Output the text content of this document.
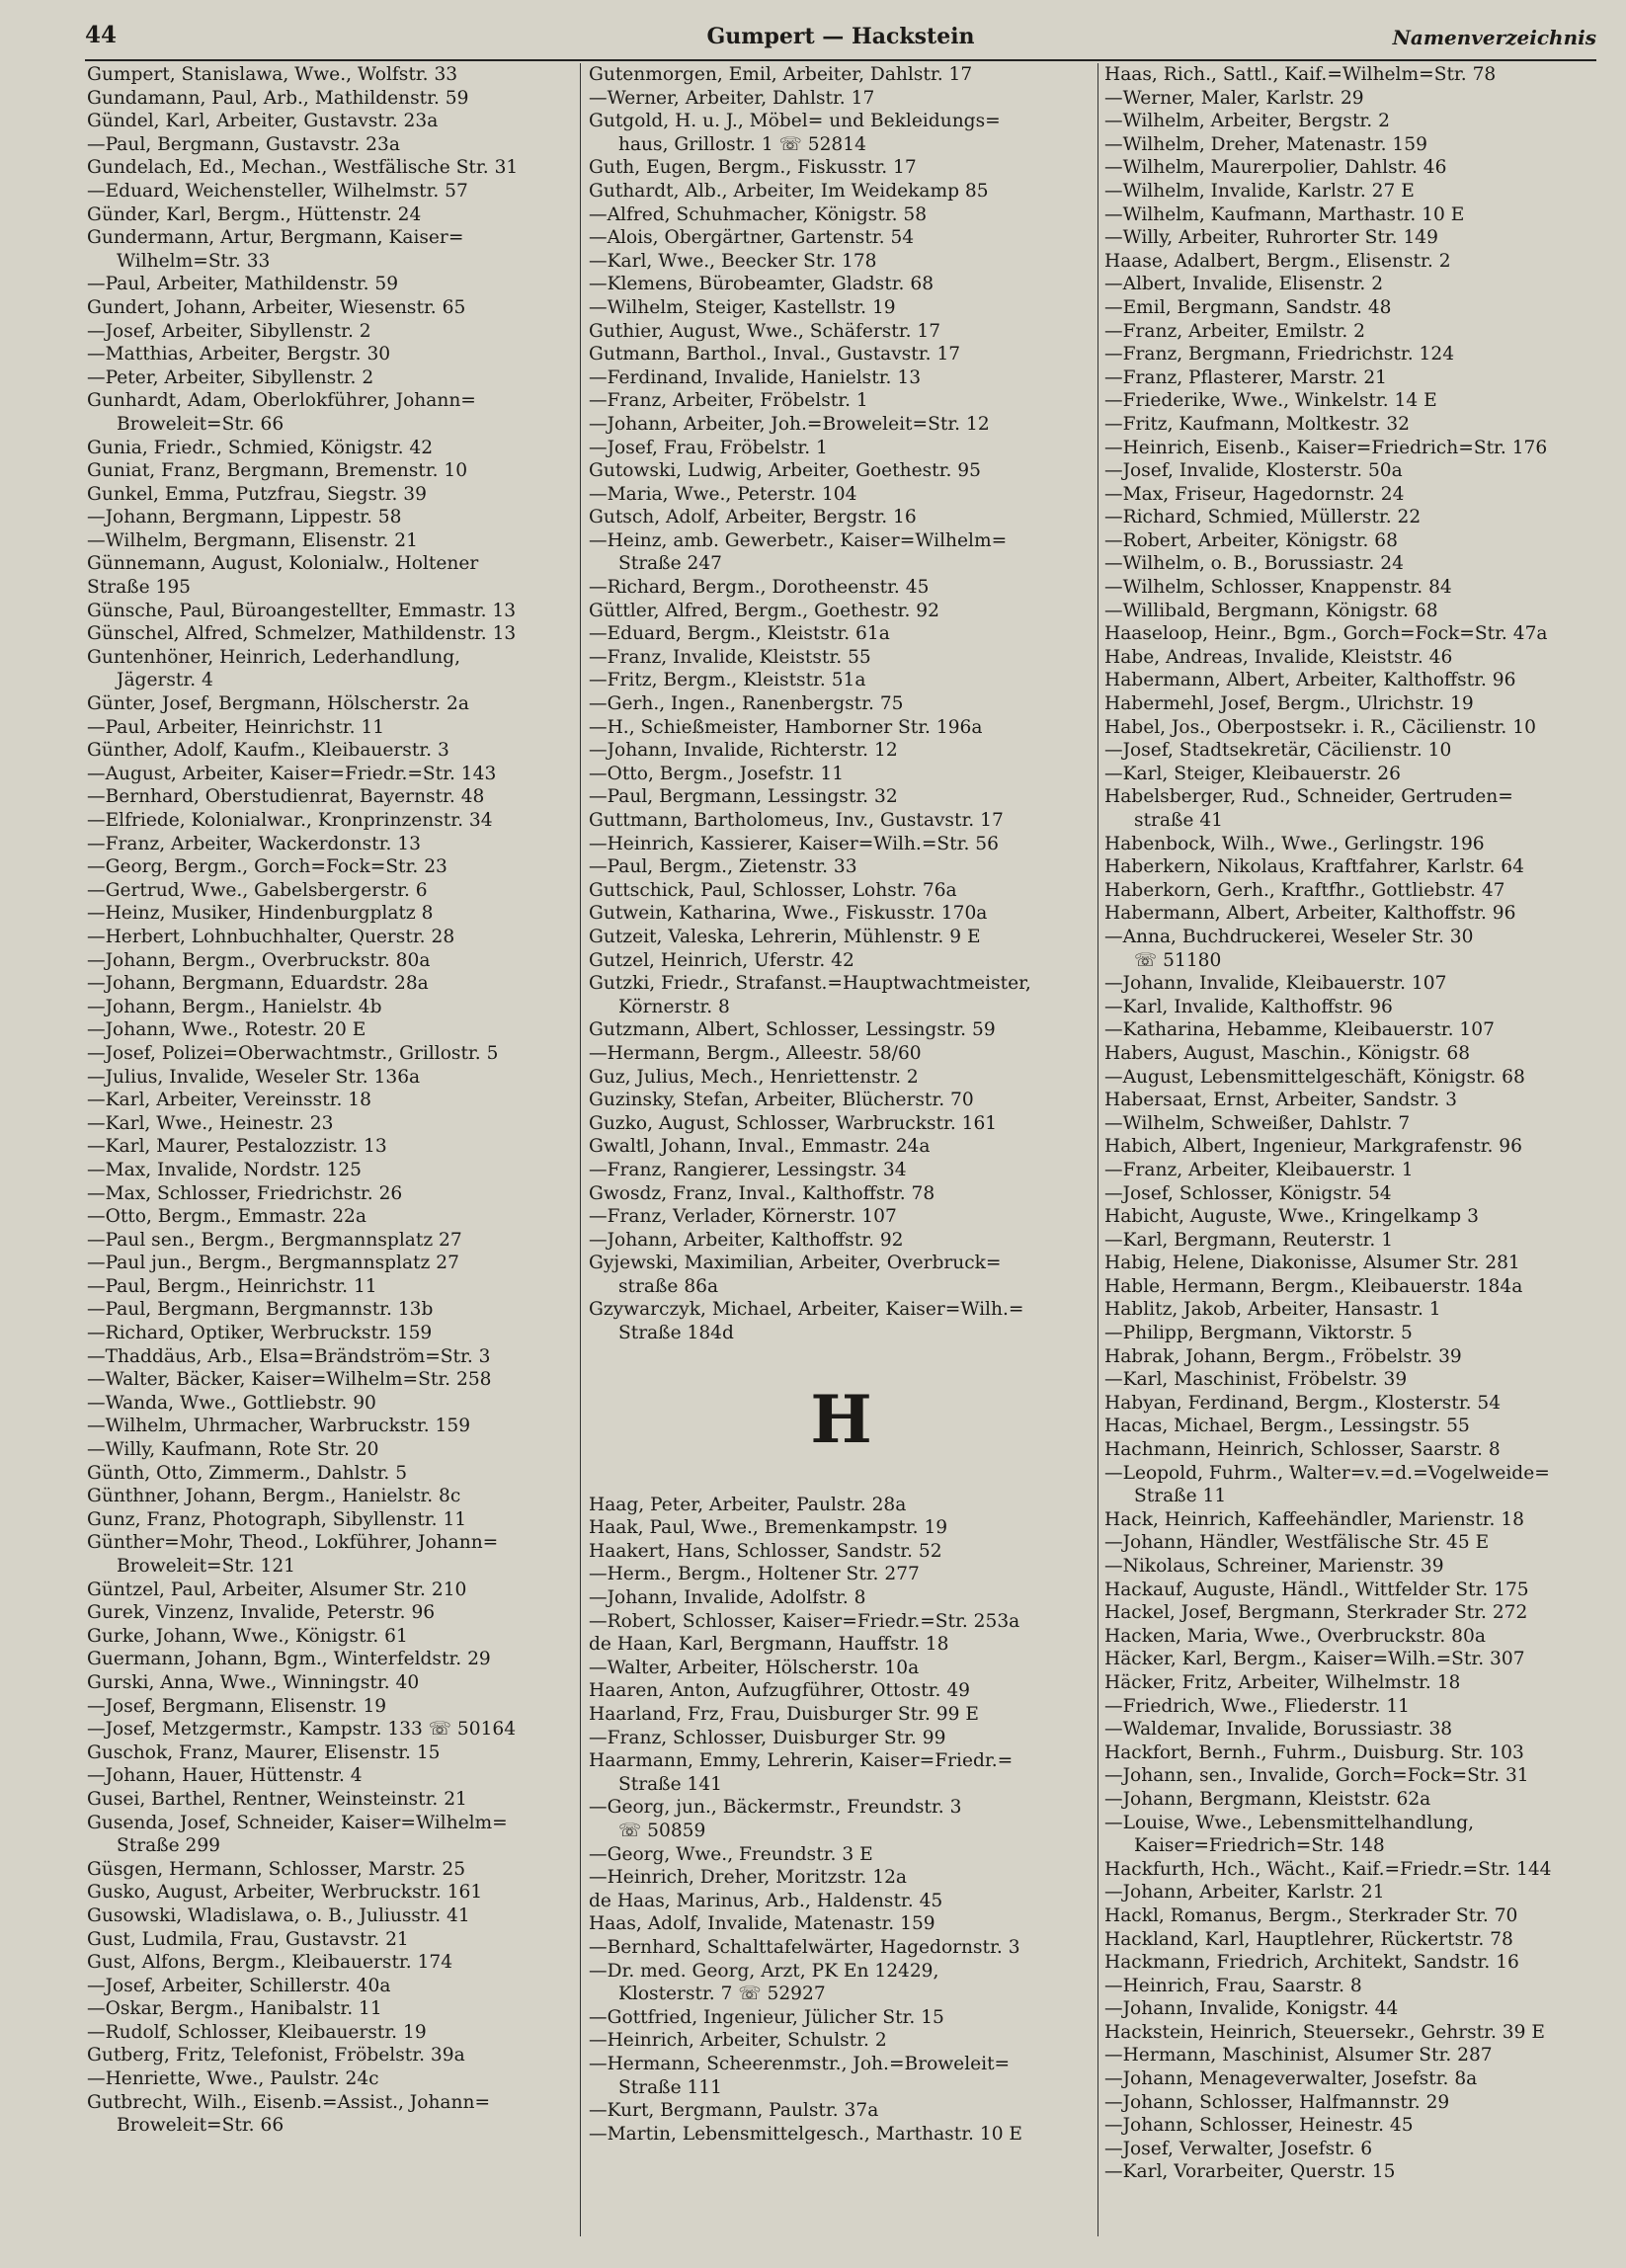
44	Gumpert — Hackstein	Namenverzeichnis
Gumpert, Stanislawa, Wwe., Wolfstr. 33
Gundamann, Paul, Arb., Mathildenstr. 59
Gündel, Karl, Arbeiter, Gustavstr. 23a
—Paul, Bergmann, Gustavstr. 23a
Gundelach, Ed., Mechan., Westfälische Str. 31
—Eduard, Weichensteller, Wilhelmstr. 57
Günder, Karl, Bergm., Hüttenstr. 24
Gundermann, Artur, Bergmann, Kaiser=
Wilhelm=Str. 33
—Paul, Arbeiter, Mathildenstr. 59
Gundert, Johann, Arbeiter, Wiesenstr. 65
—Josef, Arbeiter, Sibyllenstr. 2
—Matthias, Arbeiter, Bergstr. 30
—Peter, Arbeiter, Sibyllenstr. 2
Gunhardt, Adam, Oberlokführer, Johann=
Broweleit=Str. 66
Gunia, Friedr., Schmied, Königstr. 42
Guniat, Franz, Bergmann, Bremenstr. 10
Gunkel, Emma, Putzfrau, Siegstr. 39
—Johann, Bergmann, Lippestr. 58
—Wilhelm, Bergmann, Elisenstr. 21
Günnemann, August, Kolonialw., Holtener
Straße 195
Günsche, Paul, Büroangestellter, Emmastr. 13
Günschel, Alfred, Schmelzer, Mathildenstr. 13
Guntenhöner, Heinrich, Lederhandlung,
Jägerstr. 4
Günter, Josef, Bergmann, Hölscherstr. 2a
—Paul, Arbeiter, Heinrichstr. 11
Günther, Adolf, Kaufm., Kleibauerstr. 3
—August, Arbeiter, Kaiser=Friedr.=Str. 143
—Bernhard, Oberstudienrat, Bayernstr. 48
—Elfriede, Kolonialwar., Kronprinzenstr. 34
—Franz, Arbeiter, Wackerdonstr. 13
—Georg, Bergm., Gorch=Fock=Str. 23
—Gertrud, Wwe., Gabelsbergerstr. 6
—Heinz, Musiker, Hindenburgplatz 8
—Herbert, Lohnbuchhalter, Querstr. 28
—Johann, Bergm., Overbruckstr. 80a
—Johann, Bergmann, Eduardstr. 28a
—Johann, Bergm., Hanielstr. 4b
—Johann, Wwe., Rotestr. 20 E
—Josef, Polizei=Oberwachtmstr., Grillostr. 5
—Julius, Invalide, Weseler Str. 136a
—Karl, Arbeiter, Vereinsstr. 18
—Karl, Wwe., Heinestr. 23
—Karl, Maurer, Pestalozzistr. 13
—Max, Invalide, Nordstr. 125
—Max, Schlosser, Friedrichstr. 26
—Otto, Bergm., Emmastr. 22a
—Paul sen., Bergm., Bergmannsplatz 27
—Paul jun., Bergm., Bergmannsplatz 27
—Paul, Bergm., Heinrichstr. 11
—Paul, Bergmann, Bergmannstr. 13b
—Richard, Optiker, Werbruckstr. 159
—Thaddäus, Arb., Elsa=Brändström=Str. 3
—Walter, Bäcker, Kaiser=Wilhelm=Str. 258
—Wanda, Wwe., Gottliebstr. 90
—Wilhelm, Uhrmacher, Warbruckstr. 159
—Willy, Kaufmann, Rote Str. 20
Günth, Otto, Zimmerm., Dahlstr. 5
Günthner, Johann, Bergm., Hanielstr. 8c
Gunz, Franz, Photograph, Sibyllenstr. 11
Günther=Mohr, Theod., Lokführer, Johann=
Broweleit=Str. 121
Güntzel, Paul, Arbeiter, Alsumer Str. 210
Gurek, Vinzenz, Invalide, Peterstr. 96
Gurke, Johann, Wwe., Königstr. 61
Guermann, Johann, Bgm., Winterfeldstr. 29
Gurski, Anna, Wwe., Winningstr. 40
—Josef, Bergmann, Elisenstr. 19
—Josef, Metzgermstr., Kampstr. 133 ☏ 50164
Guschok, Franz, Maurer, Elisenstr. 15
—Johann, Hauer, Hüttenstr. 4
Gusei, Barthel, Rentner, Weinsteinstr. 21
Gusenda, Josef, Schneider, Kaiser=Wilhelm=
Straße 299
Güsgen, Hermann, Schlosser, Marstr. 25
Gusko, August, Arbeiter, Werbruckstr. 161
Gusowski, Wladislawa, o. B., Juliusstr. 41
Gust, Ludmila, Frau, Gustavstr. 21
Gust, Alfons, Bergm., Kleibauerstr. 174
—Josef, Arbeiter, Schillerstr. 40a
—Oskar, Bergm., Hanibalstr. 11
—Rudolf, Schlosser, Kleibauerstr. 19
Gutberg, Fritz, Telefonist, Fröbelstr. 39a
—Henriette, Wwe., Paulstr. 24c
Gutbrecht, Wilh., Eisenb.=Assist., Johann=
Broweleit=Str. 66
Gutenmorgen, Emil, Arbeiter, Dahlstr. 17
—Werner, Arbeiter, Dahlstr. 17
Gutgold, H. u. J., Möbel= und Bekleidungs=
haus, Grillostr. 1 ☏ 52814
Guth, Eugen, Bergm., Fiskusstr. 17
Guthardt, Alb., Arbeiter, Im Weidekamp 85
—Alfred, Schuhmacher, Königstr. 58
—Alois, Obergärtner, Gartenstr. 54
—Karl, Wwe., Beecker Str. 178
—Klemens, Bürobeamter, Gladstr. 68
—Wilhelm, Steiger, Kastellstr. 19
Guthier, August, Wwe., Schäferstr. 17
Gutmann, Barthol., Inval., Gustavstr. 17
—Ferdinand, Invalide, Hanielstr. 13
—Franz, Arbeiter, Fröbelstr. 1
—Johann, Arbeiter, Joh.=Broweleit=Str. 12
—Josef, Frau, Fröbelstr. 1
Gutowski, Ludwig, Arbeiter, Goethestr. 95
—Maria, Wwe., Peterstr. 104
Gutsch, Adolf, Arbeiter, Bergstr. 16
—Heinz, amb. Gewerbetr., Kaiser=Wilhelm=
Straße 247
—Richard, Bergm., Dorotheenstr. 45
Güttler, Alfred, Bergm., Goethestr. 92
—Eduard, Bergm., Kleiststr. 61a
—Franz, Invalide, Kleiststr. 55
—Fritz, Bergm., Kleiststr. 51a
—Gerh., Ingen., Ranenbergstr. 75
—H., Schießmeister, Hamborner Str. 196a
—Johann, Invalide, Richterstr. 12
—Otto, Bergm., Josefstr. 11
—Paul, Bergmann, Lessingstr. 32
Guttmann, Bartholomeus, Inv., Gustavstr. 17
—Heinrich, Kassierer, Kaiser=Wilh.=Str. 56
—Paul, Bergm., Zietenstr. 33
Guttschick, Paul, Schlosser, Lohstr. 76a
Gutwein, Katharina, Wwe., Fiskusstr. 170a
Gutzeit, Valeska, Lehrerin, Mühlenstr. 9 E
Gutzel, Heinrich, Uferstr. 42
Gutzki, Friedr., Strafanst.=Hauptwachtmeister,
Körnerstr. 8
Gutzmann, Albert, Schlosser, Lessingstr. 59
—Hermann, Bergm., Alleestr. 58/60
Guz, Julius, Mech., Henriettenstr. 2
Guzinsky, Stefan, Arbeiter, Blücherstr. 70
Guzko, August, Schlosser, Warbruckstr. 161
Gwaltl, Johann, Inval., Emmastr. 24a
—Franz, Rangierer, Lessingstr. 34
Gwosdz, Franz, Inval., Kalthoffstr. 78
—Franz, Verlader, Körnerstr. 107
—Johann, Arbeiter, Kalthoffstr. 92
Gyjewski, Maximilian, Arbeiter, Overbruck=
straße 86a
Gzywarczyk, Michael, Arbeiter, Kaiser=Wilh.=
Straße 184d
H
Haag, Peter, Arbeiter, Paulstr. 28a
Haak, Paul, Wwe., Bremenkampstr. 19
Haakert, Hans, Schlosser, Sandstr. 52
—Herm., Bergm., Holtener Str. 277
—Johann, Invalide, Adolfstr. 8
—Robert, Schlosser, Kaiser=Friedr.=Str. 253a
de Haan, Karl, Bergmann, Hauffstr. 18
—Walter, Arbeiter, Hölscherstr. 10a
Haaren, Anton, Aufzugführer, Ottostr. 49
Haarland, Frz, Frau, Duisburger Str. 99 E
—Franz, Schlosser, Duisburger Str. 99
Haarmann, Emmy, Lehrerin, Kaiser=Friedr.=
Straße 141
—Georg, jun., Bäckermstr., Freundstr. 3
☏ 50859
—Georg, Wwe., Freundstr. 3 E
—Heinrich, Dreher, Moritzstr. 12a
de Haas, Marinus, Arb., Haldenstr. 45
Haas, Adolf, Invalide, Matenastr. 159
—Bernhard, Schalttafelwärter, Hagedornstr. 3
—Dr. med. Georg, Arzt, PK En 12429,
Klosterstr. 7 ☏ 52927
—Gottfried, Ingenieur, Jülicher Str. 15
—Heinrich, Arbeiter, Schulstr. 2
—Hermann, Scheerenmstr., Joh.=Broweleit=
Straße 111
—Kurt, Bergmann, Paulstr. 37a
—Martin, Lebensmittelgesch., Marthastr. 10 E
Haas, Rich., Sattl., Kaif.=Wilhelm=Str. 78
—Werner, Maler, Karlstr. 29
—Wilhelm, Arbeiter, Bergstr. 2
—Wilhelm, Dreher, Matenastr. 159
—Wilhelm, Maurerpolier, Dahlstr. 46
—Wilhelm, Invalide, Karlstr. 27 E
—Wilhelm, Kaufmann, Marthastr. 10 E
—Willy, Arbeiter, Ruhrorter Str. 149
Haase, Adalbert, Bergm., Elisenstr. 2
—Albert, Invalide, Elisenstr. 2
—Emil, Bergmann, Sandstr. 48
—Franz, Arbeiter, Emilstr. 2
—Franz, Bergmann, Friedrichstr. 124
—Franz, Pflasterer, Marstr. 21
—Friederike, Wwe., Winkelstr. 14 E
—Fritz, Kaufmann, Moltkestr. 32
—Heinrich, Eisenb., Kaiser=Friedrich=Str. 176
—Josef, Invalide, Klosterstr. 50a
—Max, Friseur, Hagedornstr. 24
—Richard, Schmied, Müllerstr. 22
—Robert, Arbeiter, Königstr. 68
—Wilhelm, o. B., Borussiastr. 24
—Wilhelm, Schlosser, Knappenstr. 84
—Willibald, Bergmann, Königstr. 68
Haaseloop, Heinr., Bgm., Gorch=Fock=Str. 47a
Habe, Andreas, Invalide, Kleiststr. 46
Habermann, Albert, Arbeiter, Kalthoffstr. 96
Habermehl, Josef, Bergm., Ulrichstr. 19
Habel, Jos., Oberpostsekr. i. R., Cäcilienstr. 10
—Josef, Stadtsekretär, Cäcilienstr. 10
—Karl, Steiger, Kleibauerstr. 26
Habelsberger, Rud., Schneider, Gertruden=
straße 41
Habenbock, Wilh., Wwe., Gerlingstr. 196
Haberkern, Nikolaus, Kraftfahrer, Karlstr. 64
Haberkorn, Gerh., Kraftfhr., Gottliebstr. 47
Habermann, Albert, Arbeiter, Kalthoffstr. 96
—Anna, Buchdruckerei, Weseler Str. 30
☏ 51180
—Johann, Invalide, Kleibauerstr. 107
—Karl, Invalide, Kalthoffstr. 96
—Katharina, Hebamme, Kleibauerstr. 107
Habers, August, Maschin., Königstr. 68
—August, Lebensmittelgeschäft, Königstr. 68
Habersaat, Ernst, Arbeiter, Sandstr. 3
—Wilhelm, Schweißer, Dahlstr. 7
Habich, Albert, Ingenieur, Markgrafenstr. 96
—Franz, Arbeiter, Kleibauerstr. 1
—Josef, Schlosser, Königstr. 54
Habicht, Auguste, Wwe., Kringelkamp 3
—Karl, Bergmann, Reuterstr. 1
Habig, Helene, Diakonisse, Alsumer Str. 281
Hable, Hermann, Bergm., Kleibauerstr. 184a
Hablitz, Jakob, Arbeiter, Hansastr. 1
—Philipp, Bergmann, Viktorstr. 5
Habrak, Johann, Bergm., Fröbelstr. 39
—Karl, Maschinist, Fröbelstr. 39
Habyan, Ferdinand, Bergm., Klosterstr. 54
Hacas, Michael, Bergm., Lessingstr. 55
Hachmann, Heinrich, Schlosser, Saarstr. 8
—Leopold, Fuhrm., Walter=v.=d.=Vogelweide=
Straße 11
Hack, Heinrich, Kaffeehändler, Marienstr. 18
—Johann, Händler, Westfälische Str. 45 E
—Nikolaus, Schreiner, Marienstr. 39
Hackauf, Auguste, Händl., Wittfelder Str. 175
Hackel, Josef, Bergmann, Sterkrader Str. 272
Hacken, Maria, Wwe., Overbruckstr. 80a
Häcker, Karl, Bergm., Kaiser=Wilh.=Str. 307
Häcker, Fritz, Arbeiter, Wilhelmstr. 18
—Friedrich, Wwe., Fliederstr. 11
—Waldemar, Invalide, Borussiastr. 38
Hackfort, Bernh., Fuhrm., Duisburg. Str. 103
—Johann, sen., Invalide, Gorch=Fock=Str. 31
—Johann, Bergmann, Kleiststr. 62a
—Louise, Wwe., Lebensmittelhandlung,
Kaiser=Friedrich=Str. 148
Hackfurth, Hch., Wächt., Kaif.=Friedr.=Str. 144
—Johann, Arbeiter, Karlstr. 21
Hackl, Romanus, Bergm., Sterkrader Str. 70
Hackland, Karl, Hauptlehrer, Rückertstr. 78
Hackmann, Friedrich, Architekt, Sandstr. 16
—Heinrich, Frau, Saarstr. 8
—Johann, Invalide, Konigstr. 44
Hackstein, Heinrich, Steuersekr., Gehrstr. 39 E
—Hermann, Maschinist, Alsumer Str. 287
—Johann, Menageverwalter, Josefstr. 8a
—Johann, Schlosser, Halfmannstr. 29
—Johann, Schlosser, Heinestr. 45
—Josef, Verwalter, Josefstr. 6
—Karl, Vorarbeiter, Querstr. 15
